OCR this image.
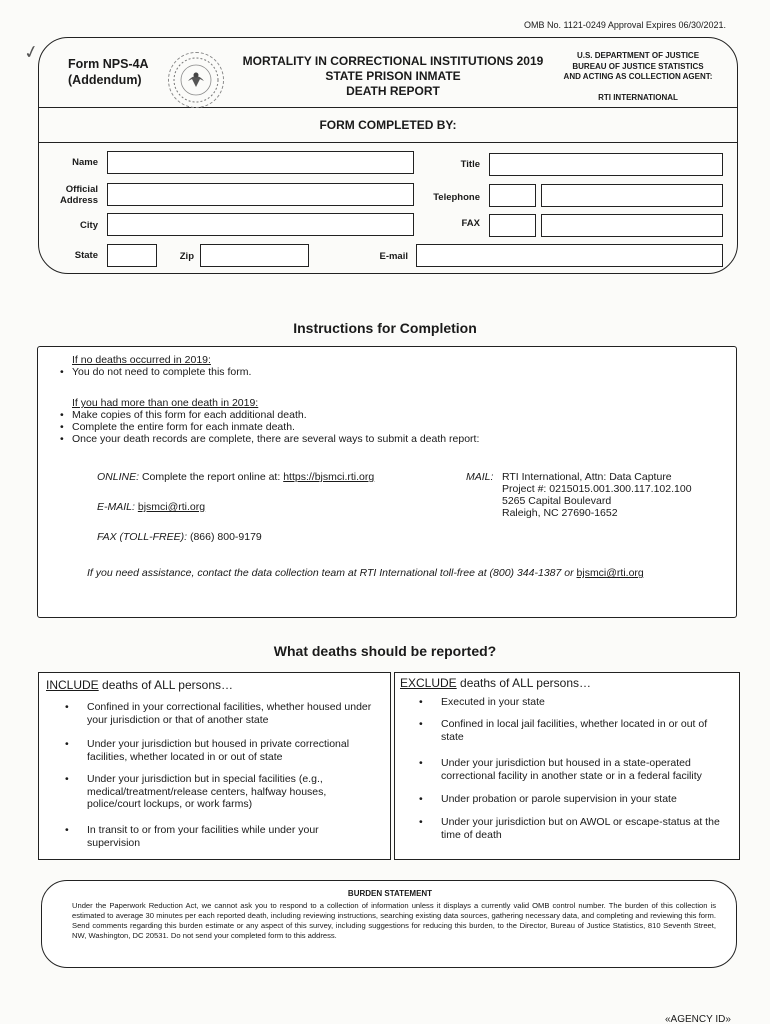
OMB No. 1121-0249 Approval Expires 06/30/2021.
✓
Form NPS-4A
(Addendum)
MORTALITY IN CORRECTIONAL INSTITUTIONS 2019
STATE PRISON INMATE
DEATH REPORT
U.S. DEPARTMENT OF JUSTICE
BUREAU OF JUSTICE STATISTICS
AND ACTING AS COLLECTION AGENT:
RTI INTERNATIONAL
FORM COMPLETED BY:
Name	Title
Official Address	Telephone
City	FAX
State	Zip	E-mail
Instructions for Completion
If no deaths occurred in 2019:
• You do not need to complete this form.
If you had more than one death in 2019:
• Make copies of this form for each additional death.
• Complete the entire form for each inmate death.
• Once your death records are complete, there are several ways to submit a death report:
ONLINE: Complete the report online at: https://bjsmci.rti.org
E-MAIL: bjsmci@rti.org
FAX (TOLL-FREE): (866) 800-9179
MAIL: RTI International, Attn: Data Capture
Project #: 0215015.001.300.117.102.100
5265 Capital Boulevard
Raleigh, NC 27690-1652
If you need assistance, contact the data collection team at RTI International toll-free at (800) 344-1387 or bjsmci@rti.org
What deaths should be reported?
INCLUDE deaths of ALL persons…
• Confined in your correctional facilities, whether housed under your jurisdiction or that of another state
• Under your jurisdiction but housed in private correctional facilities, whether located in or out of state
• Under your jurisdiction but in special facilities (e.g., medical/treatment/release centers, halfway houses, police/court lockups, or work farms)
• In transit to or from your facilities while under your supervision
EXCLUDE deaths of ALL persons…
• Executed in your state
• Confined in local jail facilities, whether located in or out of state
• Under your jurisdiction but housed in a state-operated correctional facility in another state or in a federal facility
• Under probation or parole supervision in your state
• Under your jurisdiction but on AWOL or escape-status at the time of death
BURDEN STATEMENT
Under the Paperwork Reduction Act, we cannot ask you to respond to a collection of information unless it displays a currently valid OMB control number. The burden of this collection is estimated to average 30 minutes per each reported death, including reviewing instructions, searching existing data sources, gathering necessary data, and completing and reviewing this form. Send comments regarding this burden estimate or any aspect of this survey, including suggestions for reducing this burden, to the Director, Bureau of Justice Statistics, 810 Seventh Street, NW, Washington, DC 20531. Do not send your completed form to this address.
«AGENCY ID»
